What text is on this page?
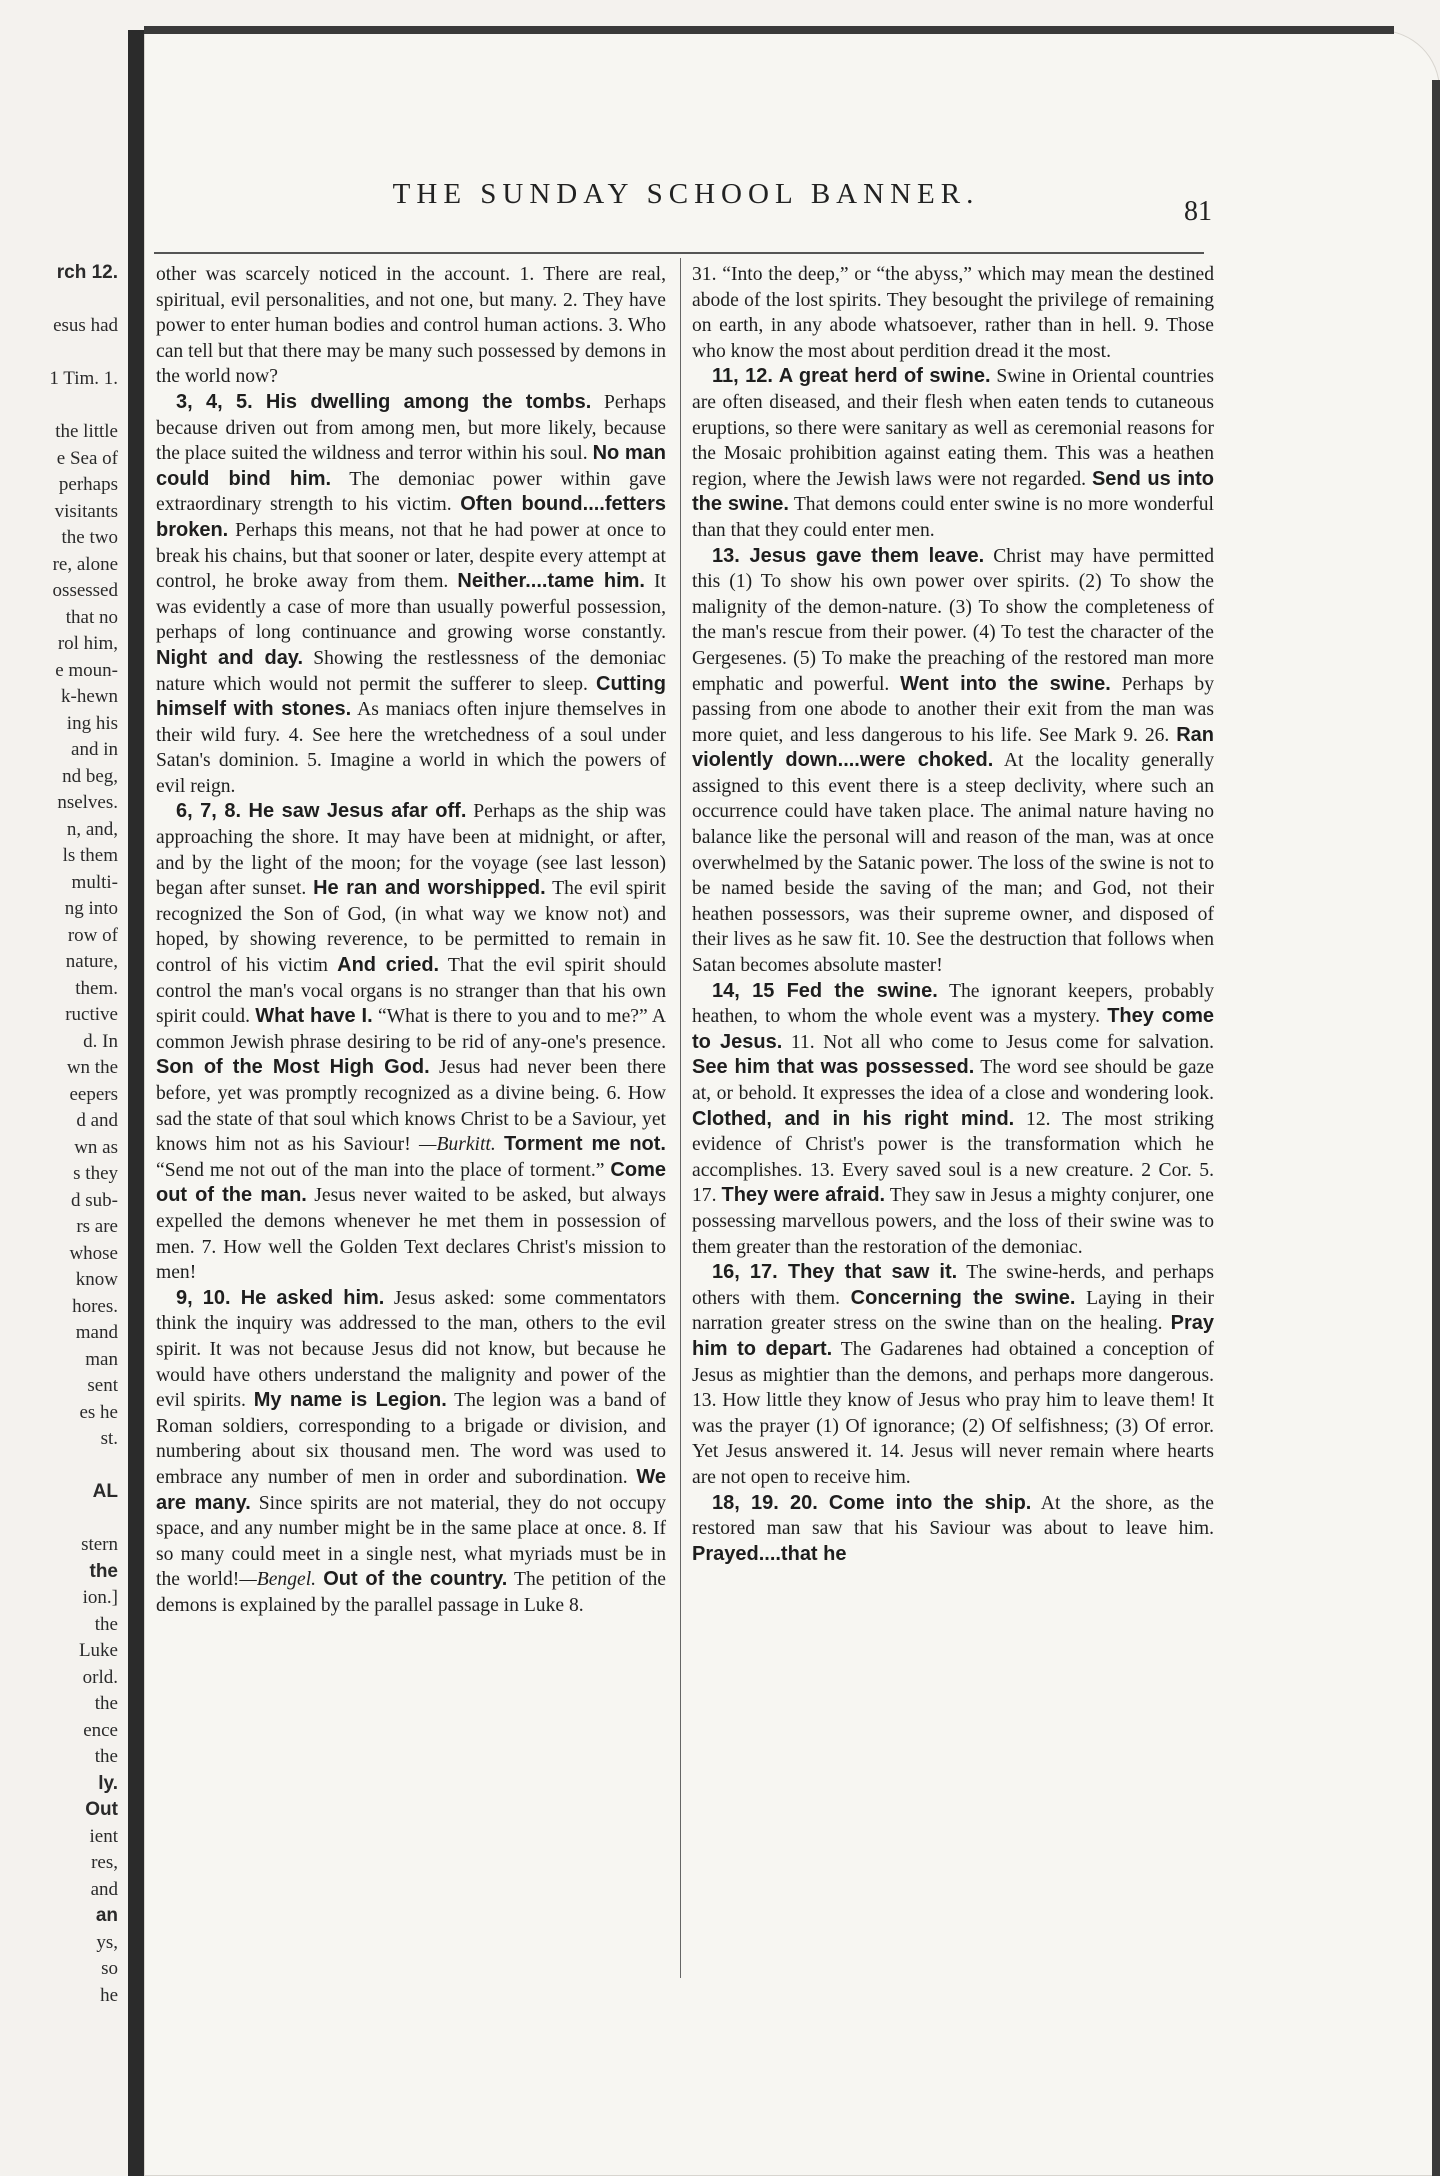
rch 12.
esus had
1 Tim. 1.
the little
e Sea of
perhaps
visitants
the two
re, alone
ossessed
that no
rol him,
e moun-
k-hewn
ing his
and in
nd beg,
nselves.
n, and,
ls them
multi-
ng into
row of
nature,
them.
ructive
d. In
wn the
eepers
d and
wn as
s they
d sub-
rs are
whose
know
hores.
mand
man
sent
es he
st.
AL
stern
the
ion.]
the
Luke
orld.
the
ence
the
ly.
Out
ient
res,
and
an
ys,
so
he
THE SUNDAY SCHOOL BANNER.
81

other was scarcely noticed in the account. 1. There are real, spiritual, evil personalities, and not one, but many. 2. They have power to enter human bodies and control human actions. 3. Who can tell but that there may be many such possessed by demons in the world now?

3, 4, 5. His dwelling among the tombs. Perhaps because driven out from among men, but more likely, because the place suited the wildness and terror within his soul. No man could bind him. The demoniac power within gave extraordinary strength to his victim. Often bound....fetters broken. Perhaps this means, not that he had power at once to break his chains, but that sooner or later, despite every attempt at control, he broke away from them. Neither....tame him. It was evidently a case of more than usually powerful possession, perhaps of long continuance and growing worse constantly. Night and day. Showing the restlessness of the demoniac nature which would not permit the sufferer to sleep. Cutting himself with stones. As maniacs often injure themselves in their wild fury. 4. See here the wretchedness of a soul under Satan's dominion. 5. Imagine a world in which the powers of evil reign.

6, 7, 8. He saw Jesus afar off. Perhaps as the ship was approaching the shore. It may have been at midnight, or after, and by the light of the moon; for the voyage (see last lesson) began after sunset. He ran and worshipped. The evil spirit recognized the Son of God, (in what way we know not) and hoped, by showing reverence, to be permitted to remain in control of his victim And cried. That the evil spirit should control the man's vocal organs is no stranger than that his own spirit could. What have I. “What is there to you and to me?” A common Jewish phrase desiring to be rid of any-one's presence. Son of the Most High God. Jesus had never been there before, yet was promptly recognized as a divine being. 6. How sad the state of that soul which knows Christ to be a Saviour, yet knows him not as his Saviour! —Burkitt. Torment me not. “Send me not out of the man into the place of torment.” Come out of the man. Jesus never waited to be asked, but always expelled the demons whenever he met them in possession of men. 7. How well the Golden Text declares Christ's mission to men!

9, 10. He asked him. Jesus asked: some commentators think the inquiry was addressed to the man, others to the evil spirit. It was not because Jesus did not know, but because he would have others understand the malignity and power of the evil spirits. My name is Legion. The legion was a band of Roman soldiers, corresponding to a brigade or division, and numbering about six thousand men. The word was used to embrace any number of men in order and subordination. We are many. Since spirits are not material, they do not occupy space, and any number might be in the same place at once. 8. If so many could meet in a single nest, what myriads must be in the world!—Bengel. Out of the country. The petition of the demons is explained by the parallel passage in Luke 8.

31. “Into the deep,” or “the abyss,” which may mean the destined abode of the lost spirits. They besought the privilege of remaining on earth, in any abode whatsoever, rather than in hell. 9. Those who know the most about perdition dread it the most.

11, 12. A great herd of swine. Swine in Oriental countries are often diseased, and their flesh when eaten tends to cutaneous eruptions, so there were sanitary as well as ceremonial reasons for the Mosaic prohibition against eating them. This was a heathen region, where the Jewish laws were not regarded. Send us into the swine. That demons could enter swine is no more wonderful than that they could enter men.

13. Jesus gave them leave. Christ may have permitted this (1) To show his own power over spirits. (2) To show the malignity of the demon-nature. (3) To show the completeness of the man's rescue from their power. (4) To test the character of the Gergesenes. (5) To make the preaching of the restored man more emphatic and powerful. Went into the swine. Perhaps by passing from one abode to another their exit from the man was more quiet, and less dangerous to his life. See Mark 9. 26. Ran violently down....were choked. At the locality generally assigned to this event there is a steep declivity, where such an occurrence could have taken place. The animal nature having no balance like the personal will and reason of the man, was at once overwhelmed by the Satanic power. The loss of the swine is not to be named beside the saving of the man; and God, not their heathen possessors, was their supreme owner, and disposed of their lives as he saw fit. 10. See the destruction that follows when Satan becomes absolute master!

14, 15 Fed the swine. The ignorant keepers, probably heathen, to whom the whole event was a mystery. They come to Jesus. 11. Not all who come to Jesus come for salvation. See him that was possessed. The word see should be gaze at, or behold. It expresses the idea of a close and wondering look. Clothed, and in his right mind. 12. The most striking evidence of Christ's power is the transformation which he accomplishes. 13. Every saved soul is a new creature. 2 Cor. 5. 17. They were afraid. They saw in Jesus a mighty conjurer, one possessing marvellous powers, and the loss of their swine was to them greater than the restoration of the demoniac.

16, 17. They that saw it. The swine-herds, and perhaps others with them. Concerning the swine. Laying in their narration greater stress on the swine than on the healing. Pray him to depart. The Gadarenes had obtained a conception of Jesus as mightier than the demons, and perhaps more dangerous. 13. How little they know of Jesus who pray him to leave them! It was the prayer (1) Of ignorance; (2) Of selfishness; (3) Of error. Yet Jesus answered it. 14. Jesus will never remain where hearts are not open to receive him.

18, 19. 20. Come into the ship. At the shore, as the restored man saw that his Saviour was about to leave him. Prayed....that he
